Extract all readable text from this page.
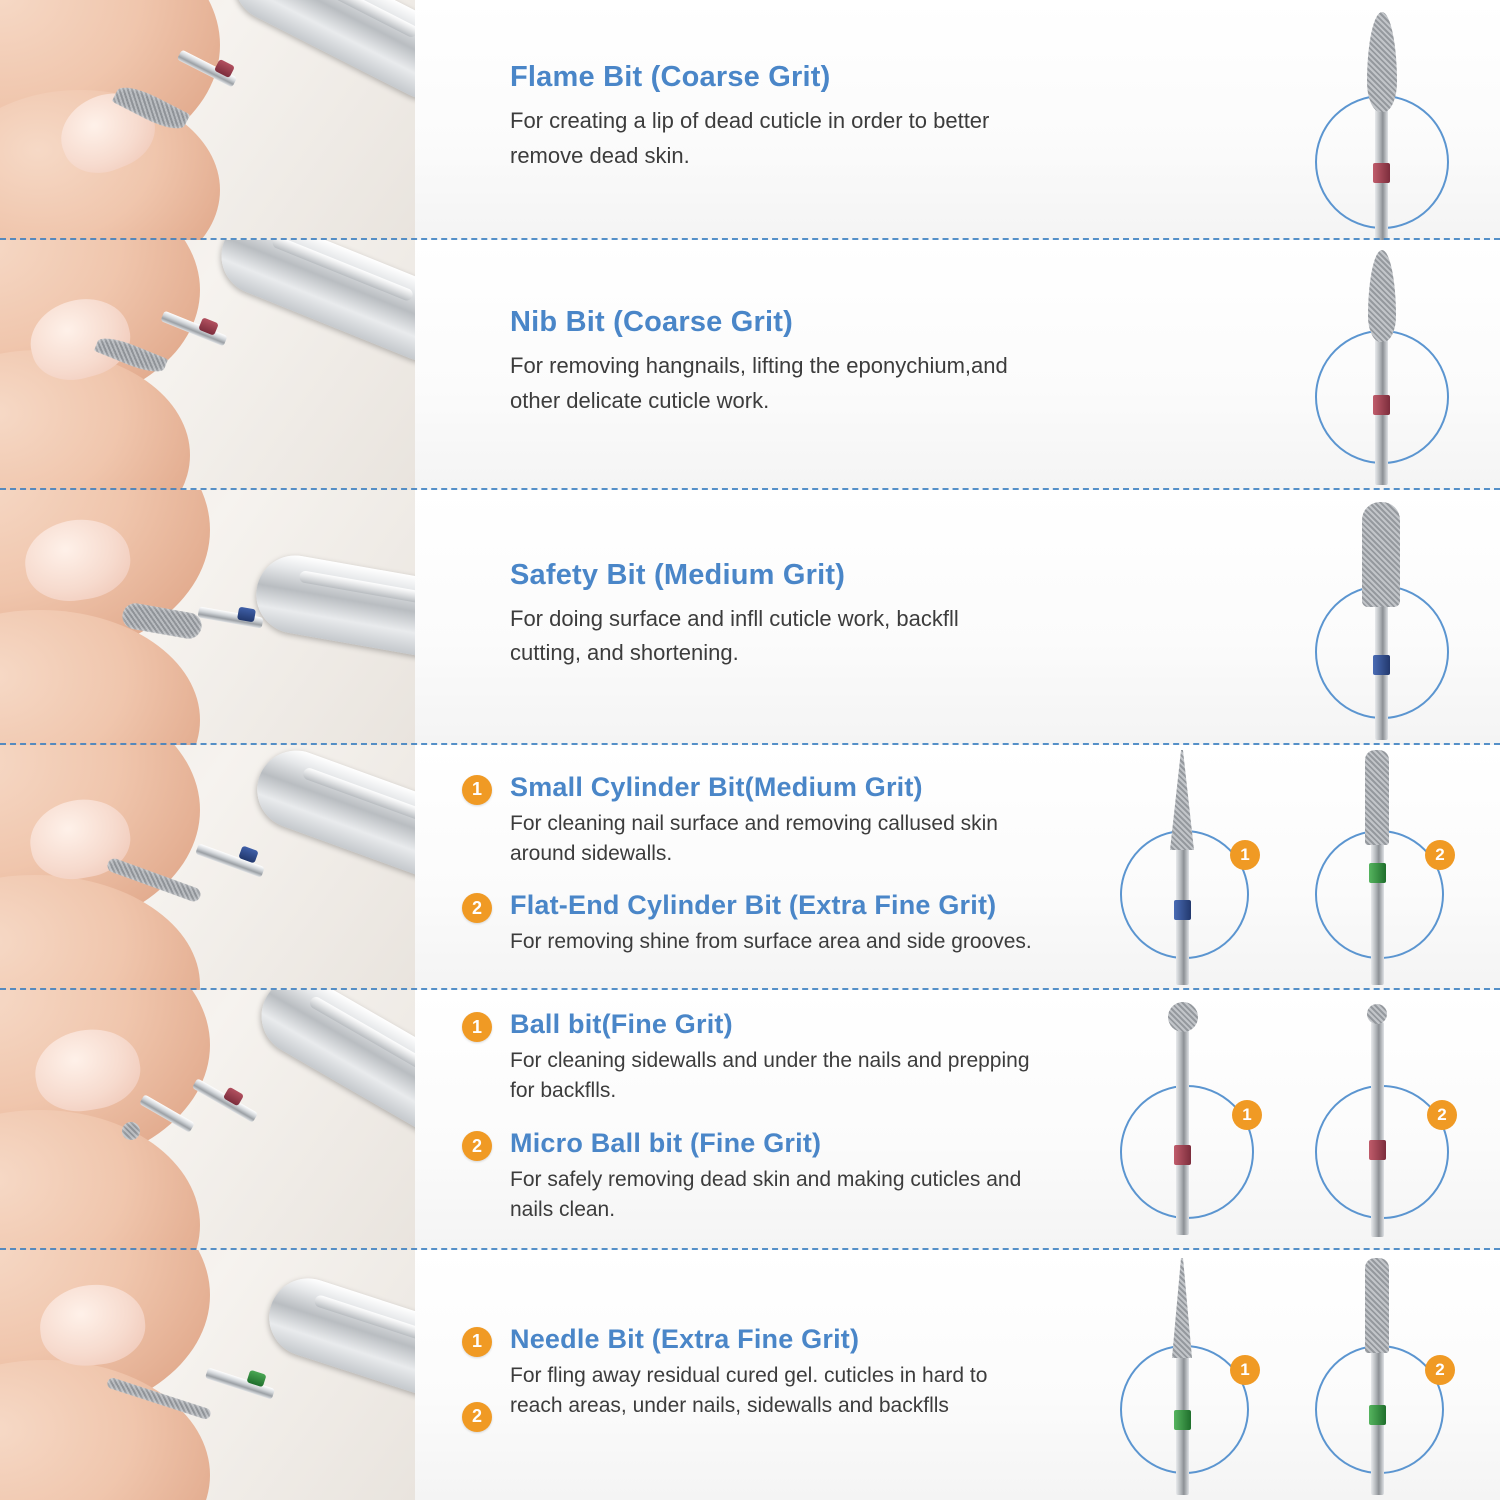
Flame Bit (Coarse Grit)
For creating a lip of dead cuticle in order to better remove dead skin.
Nib Bit (Coarse Grit)
For removing hangnails, lifting the eponychium,and other delicate cuticle work.
Safety Bit (Medium Grit)
For doing surface and infll cuticle work, backfll cutting, and shortening.
1	Small Cylinder Bit(Medium Grit)
For cleaning nail surface and removing callused skin around sidewalls.
2	Flat-End Cylinder Bit (Extra Fine Grit)
For removing shine from surface area and side grooves.
1	2
1	Ball bit(Fine Grit)
For cleaning sidewalls and under the nails and prepping for backflls.
2	Micro Ball bit (Fine Grit)
For safely removing dead skin and making cuticles and nails clean.
1	2
1
2
Needle Bit (Extra Fine Grit)
For fling away residual cured gel. cuticles in hard to reach areas, under nails, sidewalls and backflls
1	2
